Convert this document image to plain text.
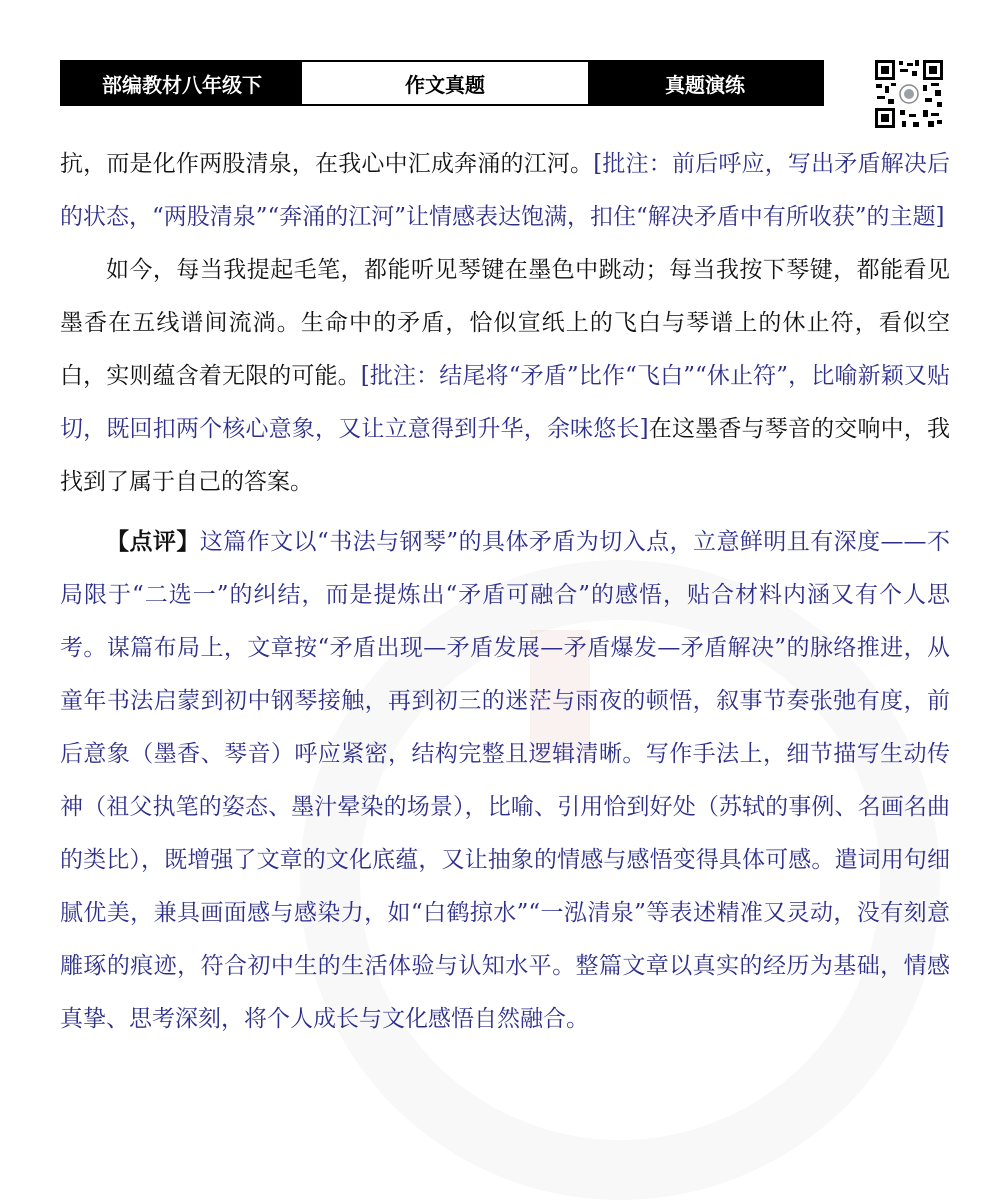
部编教材八年级下	作文真题	真题演练

抗，而是化作两股清泉，在我心中汇成奔涌的江河。[批注：前后呼应，写出矛盾解决后的状态，“两股清泉”“奔涌的江河”让情感表达饱满，扣住“解决矛盾中有所收获”的主题]

如今，每当我提起毛笔，都能听见琴键在墨色中跳动；每当我按下琴键，都能看见墨香在五线谱间流淌。生命中的矛盾，恰似宣纸上的飞白与琴谱上的休止符，看似空白，实则蕴含着无限的可能。[批注：结尾将“矛盾”比作“飞白”“休止符”，比喻新颖又贴切，既回扣两个核心意象，又让立意得到升华，余味悠长]在这墨香与琴音的交响中，我找到了属于自己的答案。

【点评】这篇作文以“书法与钢琴”的具体矛盾为切入点，立意鲜明且有深度——不局限于“二选一”的纠结，而是提炼出“矛盾可融合”的感悟，贴合材料内涵又有个人思考。谋篇布局上，文章按“矛盾出现—矛盾发展—矛盾爆发—矛盾解决”的脉络推进，从童年书法启蒙到初中钢琴接触，再到初三的迷茫与雨夜的顿悟，叙事节奏张弛有度，前后意象（墨香、琴音）呼应紧密，结构完整且逻辑清晰。写作手法上，细节描写生动传神（祖父执笔的姿态、墨汁晕染的场景），比喻、引用恰到好处（苏轼的事例、名画名曲的类比），既增强了文章的文化底蕴，又让抽象的情感与感悟变得具体可感。遣词用句细腻优美，兼具画面感与感染力，如“白鹤掠水”“一泓清泉”等表述精准又灵动，没有刻意雕琢的痕迹，符合初中生的生活体验与认知水平。整篇文章以真实的经历为基础，情感真挚、思考深刻，将个人成长与文化感悟自然融合。
